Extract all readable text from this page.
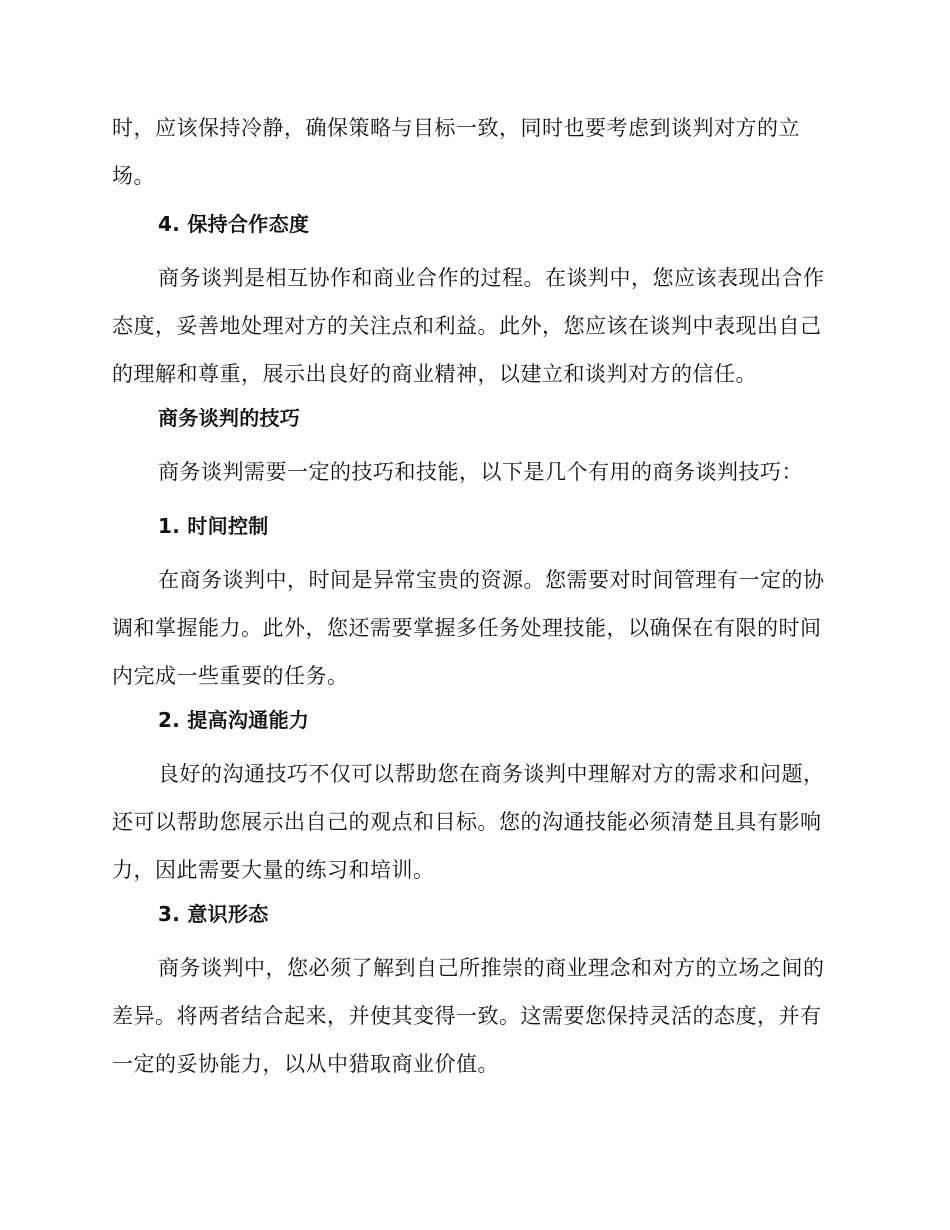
时，应该保持冷静，确保策略与目标一致，同时也要考虑到谈判对方的立
场。

4. 保持合作态度

商务谈判是相互协作和商业合作的过程。在谈判中，您应该表现出合作
态度，妥善地处理对方的关注点和利益。此外，您应该在谈判中表现出自己
的理解和尊重，展示出良好的商业精神，以建立和谈判对方的信任。

商务谈判的技巧

商务谈判需要一定的技巧和技能，以下是几个有用的商务谈判技巧：

1. 时间控制

在商务谈判中，时间是异常宝贵的资源。您需要对时间管理有一定的协
调和掌握能力。此外，您还需要掌握多任务处理技能，以确保在有限的时间
内完成一些重要的任务。

2. 提高沟通能力

良好的沟通技巧不仅可以帮助您在商务谈判中理解对方的需求和问题，
还可以帮助您展示出自己的观点和目标。您的沟通技能必须清楚且具有影响
力，因此需要大量的练习和培训。

3. 意识形态

商务谈判中，您必须了解到自己所推崇的商业理念和对方的立场之间的
差异。将两者结合起来，并使其变得一致。这需要您保持灵活的态度，并有
一定的妥协能力，以从中猎取商业价值。
